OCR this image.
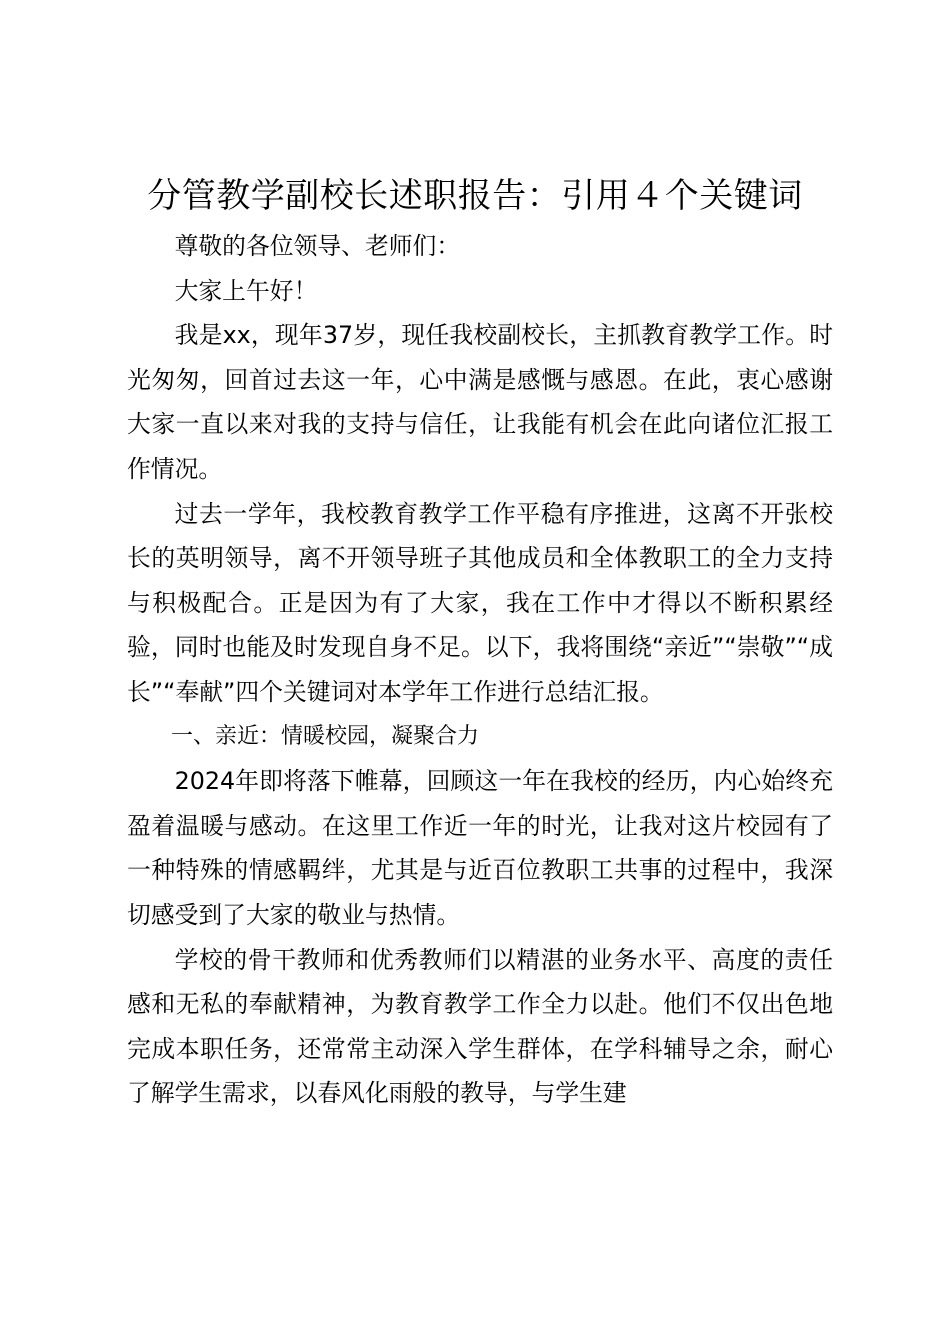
分管教学副校长述职报告：引用４个关键词

尊敬的各位领导、老师们：

大家上午好！

我是xx，现年37岁，现任我校副校长，主抓教育教学工作。时光匆匆，回首过去这一年，心中满是感慨与感恩。在此，衷心感谢大家一直以来对我的支持与信任，让我能有机会在此向诸位汇报工作情况。

过去一学年，我校教育教学工作平稳有序推进，这离不开张校长的英明领导，离不开领导班子其他成员和全体教职工的全力支持与积极配合。正是因为有了大家，我在工作中才得以不断积累经验，同时也能及时发现自身不足。以下，我将围绕“亲近”“崇敬”“成长”“奉献”四个关键词对本学年工作进行总结汇报。

一、亲近：情暖校园，凝聚合力

2024年即将落下帷幕，回顾这一年在我校的经历，内心始终充盈着温暖与感动。在这里工作近一年的时光，让我对这片校园有了一种特殊的情感羁绊，尤其是与近百位教职工共事的过程中，我深切感受到了大家的敬业与热情。

学校的骨干教师和优秀教师们以精湛的业务水平、高度的责任感和无私的奉献精神，为教育教学工作全力以赴。他们不仅出色地完成本职任务，还常常主动深入学生群体，在学科辅导之余，耐心了解学生需求，以春风化雨般的教导，与学生建
